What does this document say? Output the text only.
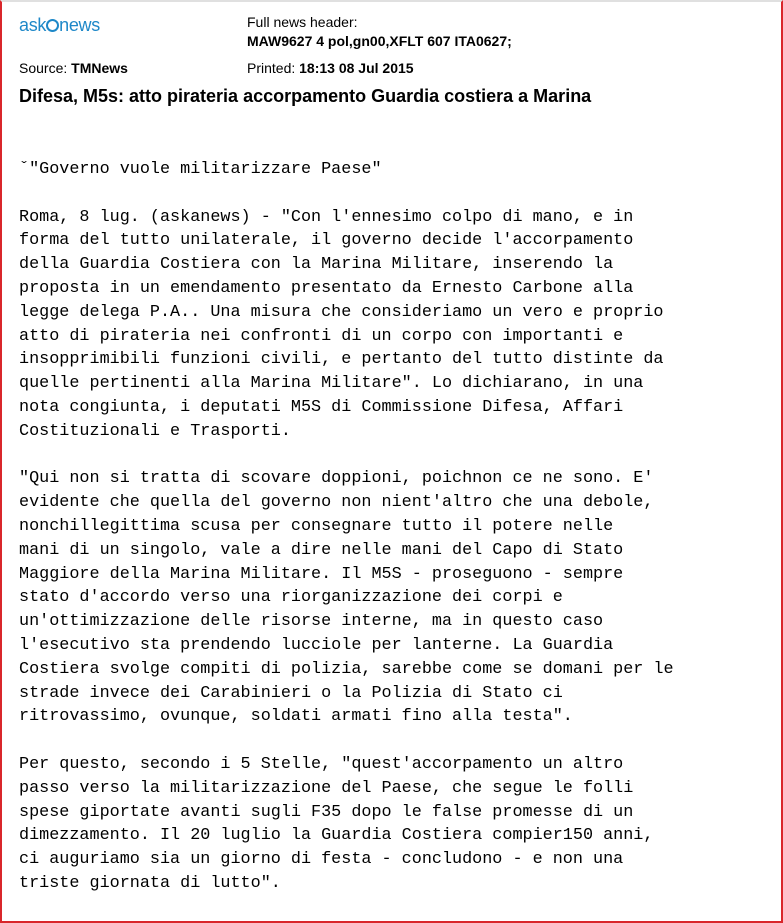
ask news	Full news header:
MAW9627 4 pol,gn00,XFLT 607 ITA0627;
Source: TMNews	Printed: 18:13 08 Jul 2015
Difesa, M5s: atto pirateria accorpamento Guardia costiera a Marina
ˇ"Governo vuole militarizzare Paese"
Roma, 8 lug. (askanews) - "Con l'ennesimo colpo di mano, e in
forma del tutto unilaterale, il governo decide l'accorpamento
della Guardia Costiera con la Marina Militare, inserendo la
proposta in un emendamento presentato da Ernesto Carbone alla
legge delega P.A.. Una misura che consideriamo un vero e proprio
atto di pirateria nei confronti di un corpo con importanti e
insopprimibili funzioni civili, e pertanto del tutto distinte da
quelle pertinenti alla Marina Militare". Lo dichiarano, in una
nota congiunta, i deputati M5S di Commissione Difesa, Affari
Costituzionali e Trasporti.
"Qui non si tratta di scovare doppioni, poichnon ce ne sono. E'
evidente che quella del governo non nient'altro che una debole,
nonchillegittima scusa per consegnare tutto il potere nelle
mani di un singolo, vale a dire nelle mani del Capo di Stato
Maggiore della Marina Militare. Il M5S - proseguono - sempre
stato d'accordo verso una riorganizzazione dei corpi e
un'ottimizzazione delle risorse interne, ma in questo caso
l'esecutivo sta prendendo lucciole per lanterne. La Guardia
Costiera svolge compiti di polizia, sarebbe come se domani per le
strade invece dei Carabinieri o la Polizia di Stato ci
ritrovassimo, ovunque, soldati armati fino alla testa".
Per questo, secondo i 5 Stelle, "quest'accorpamento un altro
passo verso la militarizzazione del Paese, che segue le folli
spese giportate avanti sugli F35 dopo le false promesse di un
dimezzamento. Il 20 luglio la Guardia Costiera compier150 anni,
ci auguriamo sia un giorno di festa - concludono - e non una
triste giornata di lutto".
